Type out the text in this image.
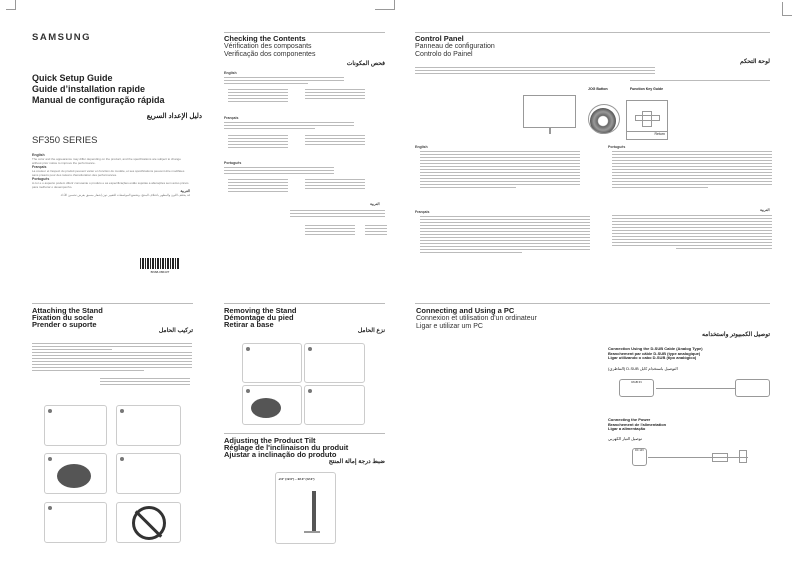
SAMSUNG
Quick Setup Guide
Guide d’installation rapide
Manual de configuração rápida
دليل الإعداد السريع
SF350 SERIES
English
The color and the appearance may differ depending on the product, and the specifications are subject to change without prior notice to improve the performance.
Français
La couleur et l'aspect du produit peuvent varier en fonction du modèle, et ses spécifications peuvent être modifiées sans préavis pour des raisons d'amélioration des performances.
Português
A cor e o aspecto podem diferir consoante o produto e as especificações estão sujeitas a alterações sem aviso prévio para melhorar o desempenho.
العربية
قد يختلف اللون والمظهر باختلاف المنتج، وتخضع المواصفات للتغيير دون إشعار مسبق بغرض تحسين الأداء.
BN68-08643T
Checking the Contents
Vérification des composants
Verificação dos componentes
فحص المكونات
English
Français
Português
العربية
Control Panel
Panneau de configuration
Controlo do Painel
لوحة التحكم
JOG Button	Function Key Guide
Return
English
Français
Português
العربية
Attaching the Stand
Fixation du socle
Prender o suporte
تركيب الحامل
Removing the Stand
Démontage du pied
Retirar a base
نزع الحامل
Adjusting the Product Tilt
Réglage de l'inclinaison du produit
Ajustar a inclinação do produto
ضبط درجة إمالة المنتج
-2.0° (±2.0°) ~ 22.0° (±2.0°)
Connecting and Using a PC
Connexion et utilisation d'un ordinateur
Ligar e utilizar um PC
توصيل الكمبيوتر واستخدامه
Connection Using the D-SUB Cable (Analog Type)
Branchement par câble D-SUB (type analogique)
Ligar utilizando o cabo D-SUB (tipo analógico)
التوصيل باستخدام كابل D-SUB (التناظري)
RGB IN
Connecting the Power
Branchement de l'alimentation
Ligar a alimentação
توصيل التيار الكهربي
DC 14V
